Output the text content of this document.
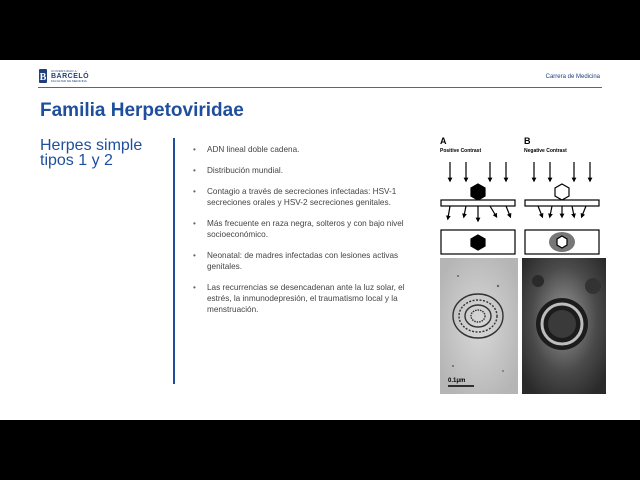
B
UNIVERSIDAD A.
BARCELÓ
FACULTAD DE MEDICINA
Carrera de Medicina
Familia Herpetoviridae
Herpes simple tipos 1 y 2
• ADN lineal doble cadena.
• Distribución mundial.
• Contagio a través de secreciones infectadas: HSV-1 secreciones orales y HSV-2 secreciones genitales.
• Más frecuente en raza negra, solteros y con bajo nivel socioeconómico.
• Neonatal: de madres infectadas con lesiones activas genitales.
• Las recurrencias se desencadenan ante la luz solar, el estrés, la inmunodepresión, el traumatismo local y la menstruación.
A
Positive Contrast
B
Negative Contrast
0.1μm
